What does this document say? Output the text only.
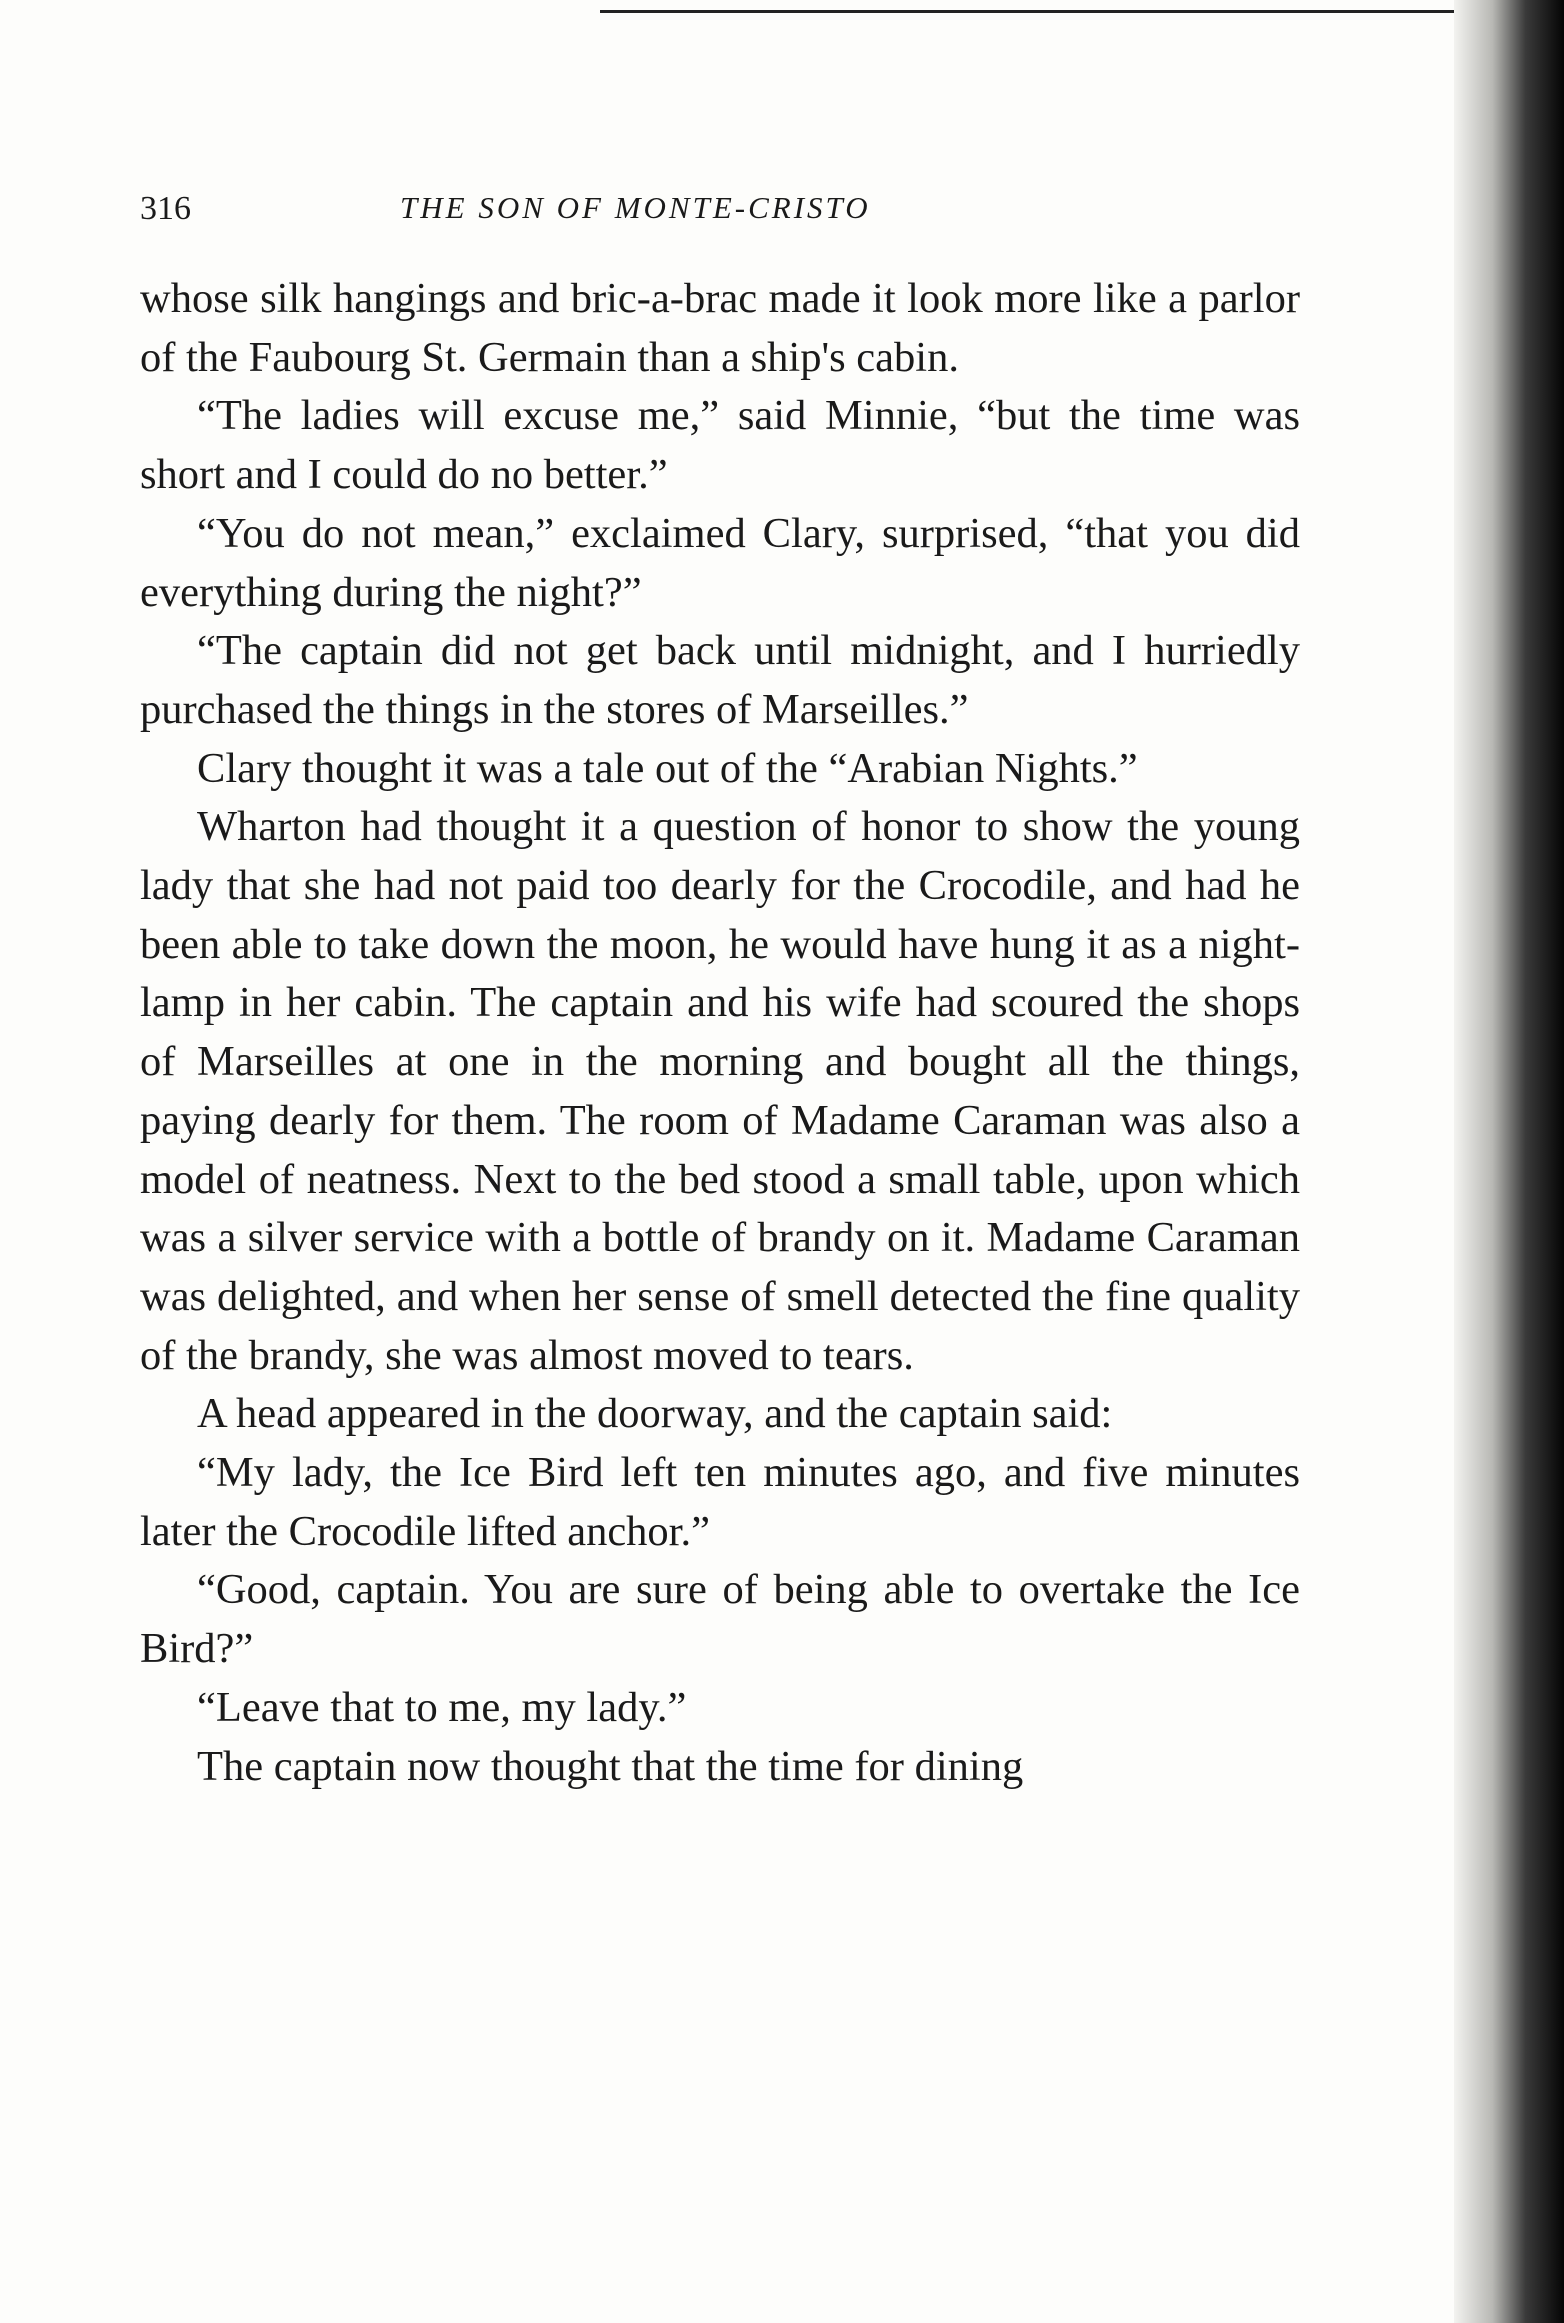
316	THE SON OF MONTE-CRISTO

whose silk hangings and bric-a-brac made it look more like a parlor of the Faubourg St. Germain than a ship's cabin.

“The ladies will excuse me,” said Minnie, “but the time was short and I could do no better.”

“You do not mean,” exclaimed Clary, surprised, “that you did everything during the night?”

“The captain did not get back until midnight, and I hurriedly purchased the things in the stores of Marseilles.”

Clary thought it was a tale out of the “Arabian Nights.”

Wharton had thought it a question of honor to show the young lady that she had not paid too dearly for the Crocodile, and had he been able to take down the moon, he would have hung it as a night-lamp in her cabin. The captain and his wife had scoured the shops of Marseilles at one in the morning and bought all the things, paying dearly for them. The room of Madame Caraman was also a model of neatness. Next to the bed stood a small table, upon which was a silver service with a bottle of brandy on it. Madame Caraman was delighted, and when her sense of smell detected the fine quality of the brandy, she was almost moved to tears.

A head appeared in the doorway, and the captain said:

“My lady, the Ice Bird left ten minutes ago, and five minutes later the Crocodile lifted anchor.”

“Good, captain. You are sure of being able to overtake the Ice Bird?”

“Leave that to me, my lady.”

The captain now thought that the time for dining
